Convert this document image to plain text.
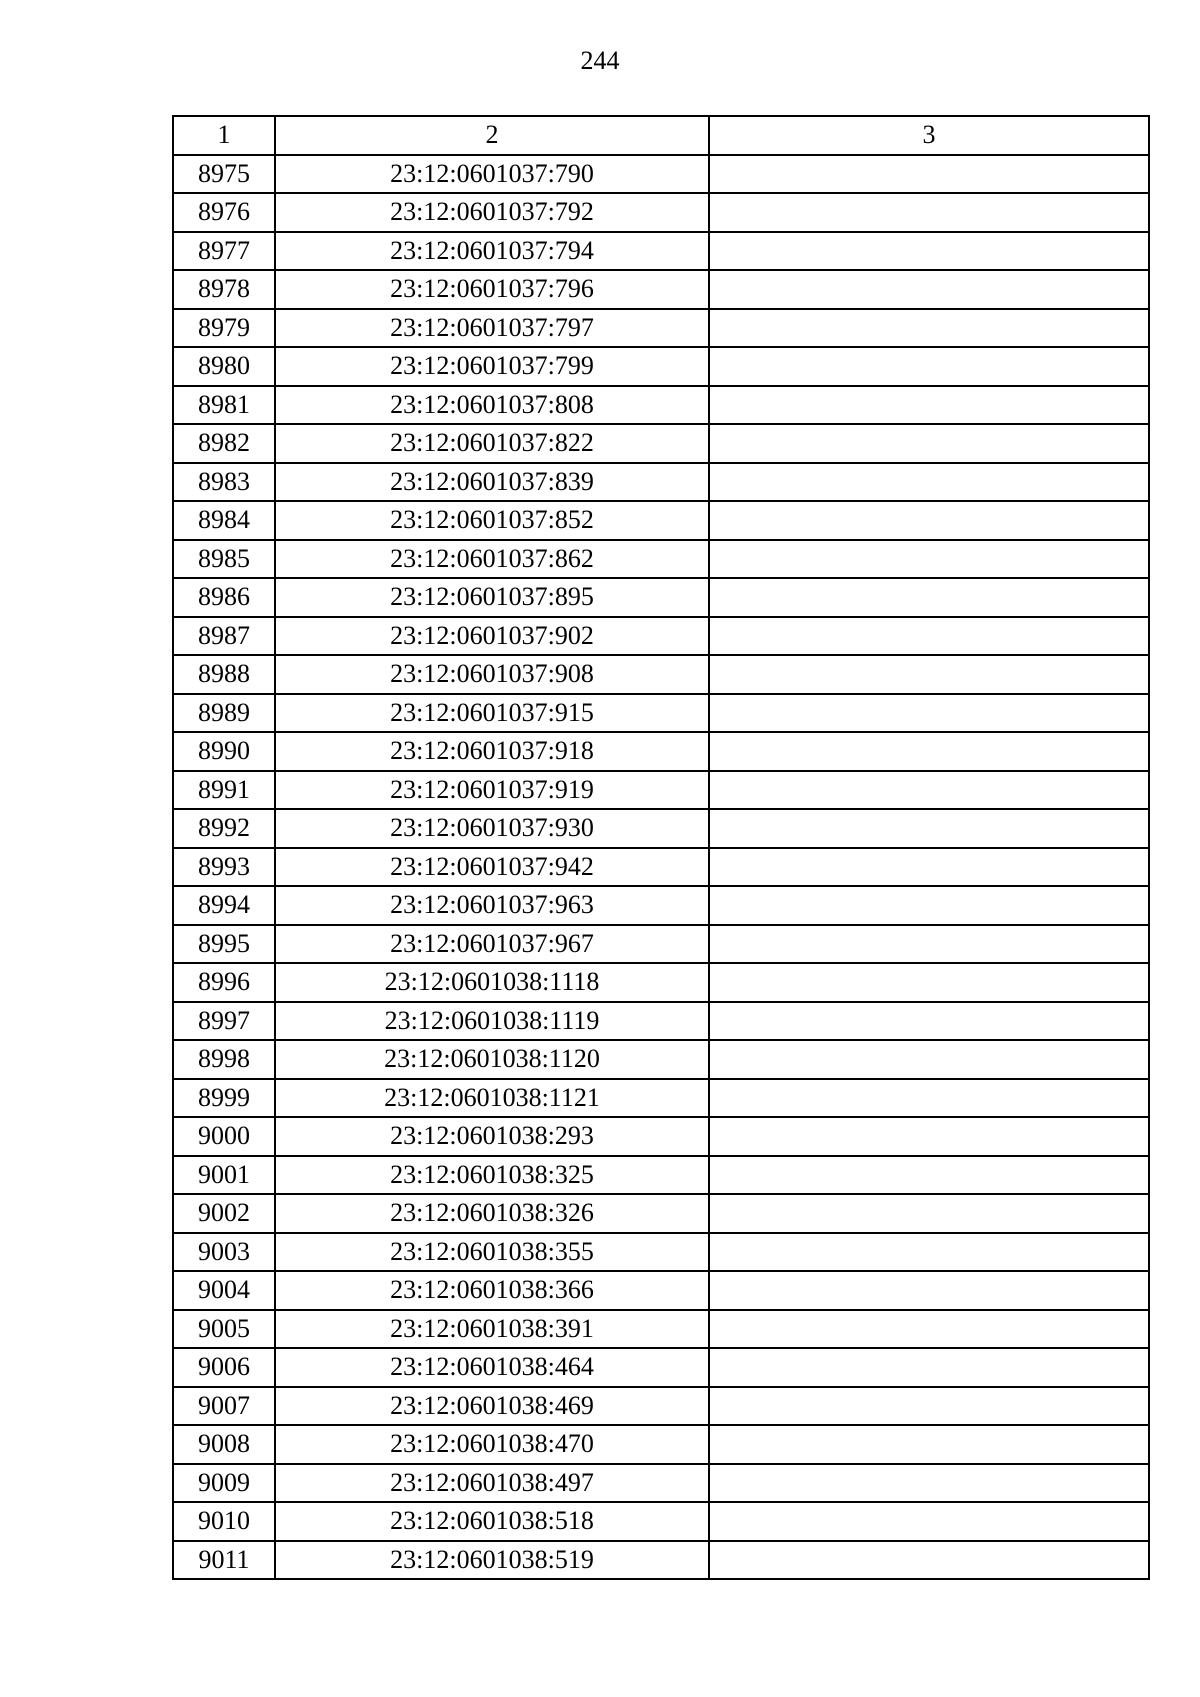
244
1	2	3
8975	23:12:0601037:790	
8976	23:12:0601037:792	
8977	23:12:0601037:794	
8978	23:12:0601037:796	
8979	23:12:0601037:797	
8980	23:12:0601037:799	
8981	23:12:0601037:808	
8982	23:12:0601037:822	
8983	23:12:0601037:839	
8984	23:12:0601037:852	
8985	23:12:0601037:862	
8986	23:12:0601037:895	
8987	23:12:0601037:902	
8988	23:12:0601037:908	
8989	23:12:0601037:915	
8990	23:12:0601037:918	
8991	23:12:0601037:919	
8992	23:12:0601037:930	
8993	23:12:0601037:942	
8994	23:12:0601037:963	
8995	23:12:0601037:967	
8996	23:12:0601038:1118	
8997	23:12:0601038:1119	
8998	23:12:0601038:1120	
8999	23:12:0601038:1121	
9000	23:12:0601038:293	
9001	23:12:0601038:325	
9002	23:12:0601038:326	
9003	23:12:0601038:355	
9004	23:12:0601038:366	
9005	23:12:0601038:391	
9006	23:12:0601038:464	
9007	23:12:0601038:469	
9008	23:12:0601038:470	
9009	23:12:0601038:497	
9010	23:12:0601038:518	
9011	23:12:0601038:519	
